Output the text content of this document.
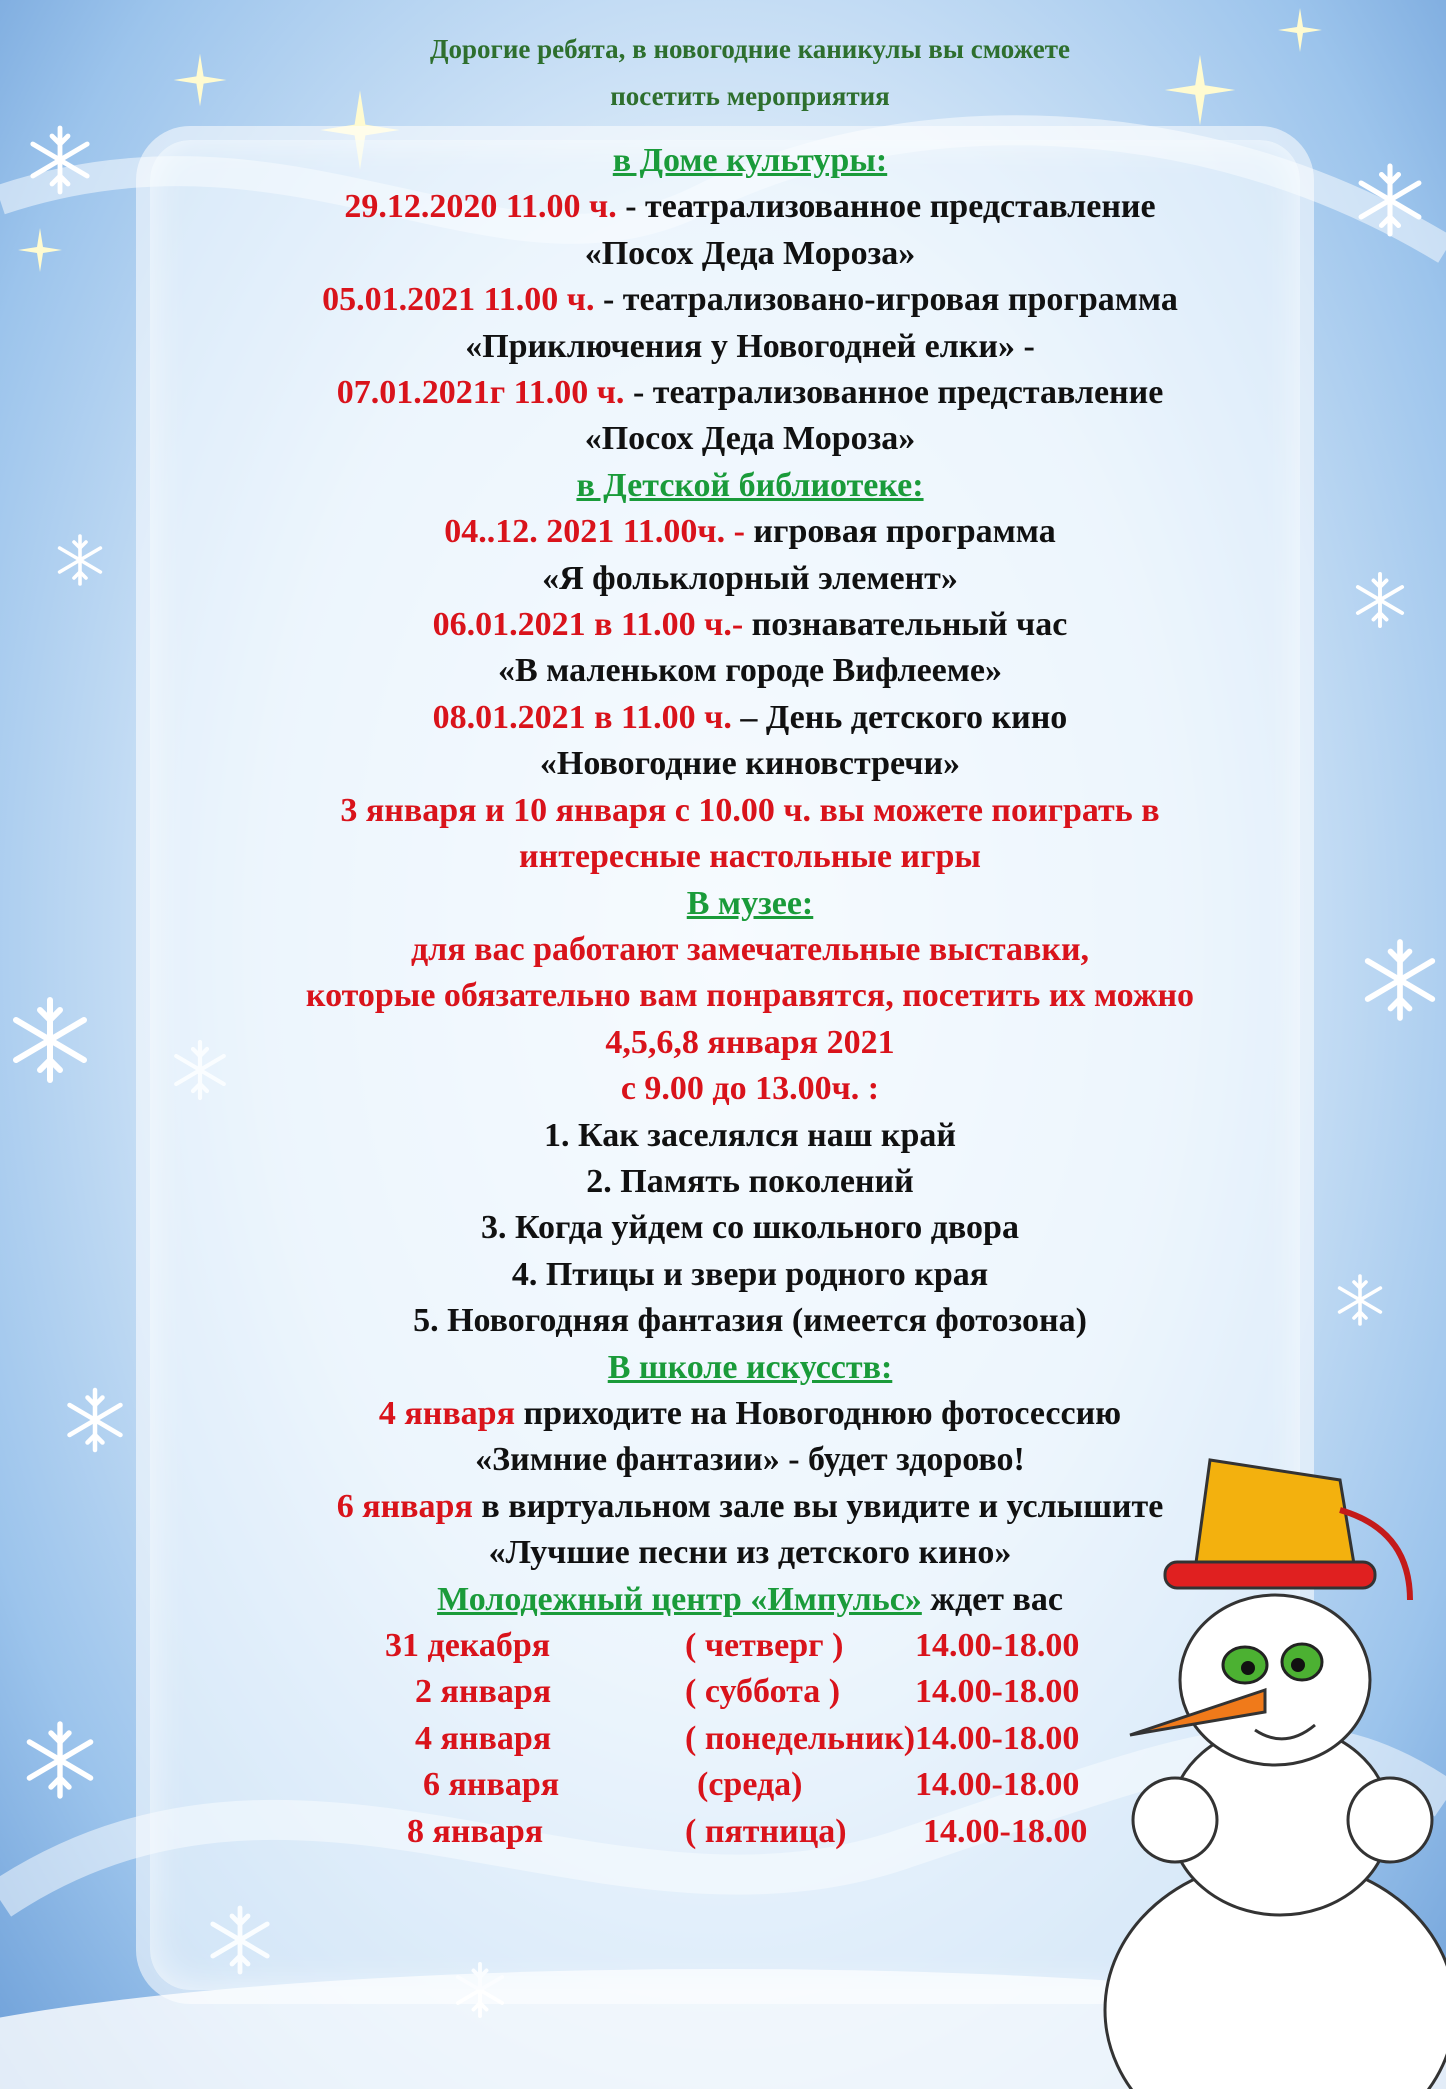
Дорогие ребята, в новогодние каникулы вы сможете
посетить мероприятия
в Доме культуры:
29.12.2020 11.00 ч. - театрализованное представление
«Посох Деда Мороза»
05.01.2021 11.00 ч. - театрализовано-игровая программа
«Приключения у Новогодней елки» -
07.01.2021г 11.00 ч. - театрализованное представление
«Посох Деда Мороза»
в Детской библиотеке:
04..12. 2021 11.00ч. - игровая программа
«Я фольклорный элемент»
06.01.2021 в 11.00 ч.- познавательный час
«В маленьком городе Вифлееме»
08.01.2021 в 11.00 ч. – День детского кино
«Новогодние киновстречи»
3 января и 10 января с 10.00 ч. вы можете поиграть в
интересные настольные игры
В музее:
для вас работают замечательные выставки,
которые обязательно вам понравятся, посетить их можно
4,5,6,8 января 2021
с 9.00 до 13.00ч. :
1. Как заселялся наш край
2. Память поколений
3. Когда уйдем со школьного двора
4. Птицы и звери родного края
5. Новогодняя фантазия (имеется фотозона)
В школе искусств:
4 января приходите на Новогоднюю фотосессию
«Зимние фантазии» - будет здорово!
6 января в виртуальном зале вы увидите и услышите
«Лучшие песни из детского кино»
Молодежный центр «Импульс» ждет вас
31 декабря	( четверг ) 14.00-18.00
2 января	( суббота ) 14.00-18.00
4 января	( понедельник)14.00-18.00
6 января	(среда)	14.00-18.00
8 января	( пятница) 14.00-18.00
